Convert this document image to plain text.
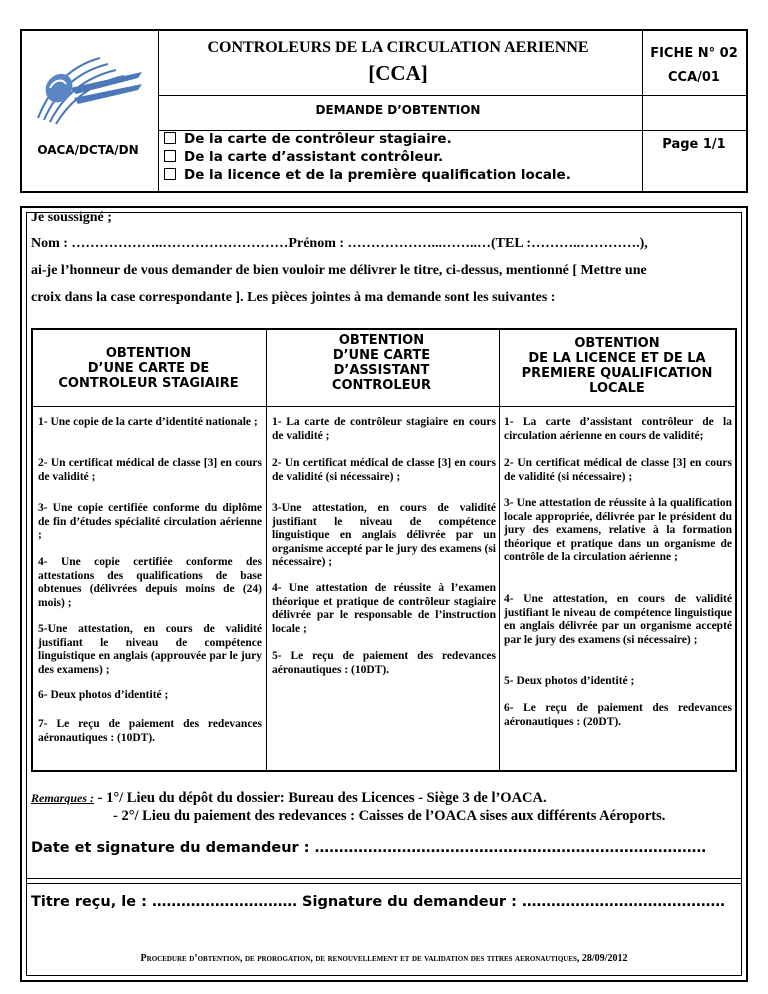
CONTROLEURS DE LA CIRCULATION AERIENNE
[CCA]
FICHE N° 02
CCA/01
DEMANDE D’OBTENTION
OACA/DCTA/DN	Page 1/1
De la carte de contrôleur stagiaire.
De la carte d’assistant contrôleur.
De la licence et de la première qualification locale.
Je soussigné ;
Nom : ………………..………………………Prénom : ………………...……..…(TEL :………..………….),
ai-je l’honneur de vous demander de bien vouloir me délivrer le titre, ci-dessus, mentionné [ Mettre une
croix dans la case correspondante ]. Les pièces jointes à ma demande sont les suivantes :
OBTENTION
D’UNE CARTE DE
CONTROLEUR STAGIAIRE
OBTENTION
D’UNE CARTE
D’ASSISTANT
CONTROLEUR
OBTENTION
DE LA LICENCE ET DE LA
PREMIERE QUALIFICATION
LOCALE
1- Une copie de la carte d’identité nationale ;
2- Un certificat médical de classe [3] en cours de validité ;
3- Une copie certifiée conforme du diplôme de fin d’études spécialité circulation aérienne ;
4- Une copie certifiée conforme des attestations des qualifications de base obtenues (délivrées depuis moins de (24) mois) ;
5-Une attestation, en cours de validité justifiant le niveau de compétence linguistique en anglais (approuvée par le jury des examens) ;
6- Deux photos d’identité ;
7- Le reçu de paiement des redevances aéronautiques : (10DT).
1- La carte de contrôleur stagiaire en cours de validité ;
2- Un certificat médical de classe [3] en cours de validité (si nécessaire) ;
3-Une attestation, en cours de validité justifiant le niveau de compétence linguistique en anglais délivrée par un organisme accepté par le jury des examens (si nécessaire) ;
4- Une attestation de réussite à l’examen théorique et pratique de contrôleur stagiaire délivrée par le responsable de l’instruction locale ;
5- Le reçu de paiement des redevances aéronautiques : (10DT).
1- La carte d’assistant contrôleur de la circulation aérienne en cours de validité;
2- Un certificat médical de classe [3] en cours de validité (si nécessaire) ;
3- Une attestation de réussite à la qualification locale appropriée, délivrée par le président du jury des examens, relative à la formation théorique et pratique dans un organisme de contrôle de la circulation aérienne ;
4- Une attestation, en cours de validité justifiant le niveau de compétence linguistique en anglais délivrée par un organisme accepté par le jury des examens (si nécessaire) ;
5- Deux photos d’identité ;
6- Le reçu de paiement des redevances aéronautiques : (20DT).
Remarques : - 1°/ Lieu du dépôt du dossier: Bureau des Licences - Siège 3 de l’OACA.
- 2°/ Lieu du paiement des redevances : Caisses de l’OACA sises aux différents Aéroports.
Date et signature du demandeur : ………………………………………………………………………
Titre reçu, le : ………………………… Signature du demandeur : ……………………………………
Procedure d’obtention, de prorogation, de renouvellement et de validation des titres aeronautiques, 28/09/2012
